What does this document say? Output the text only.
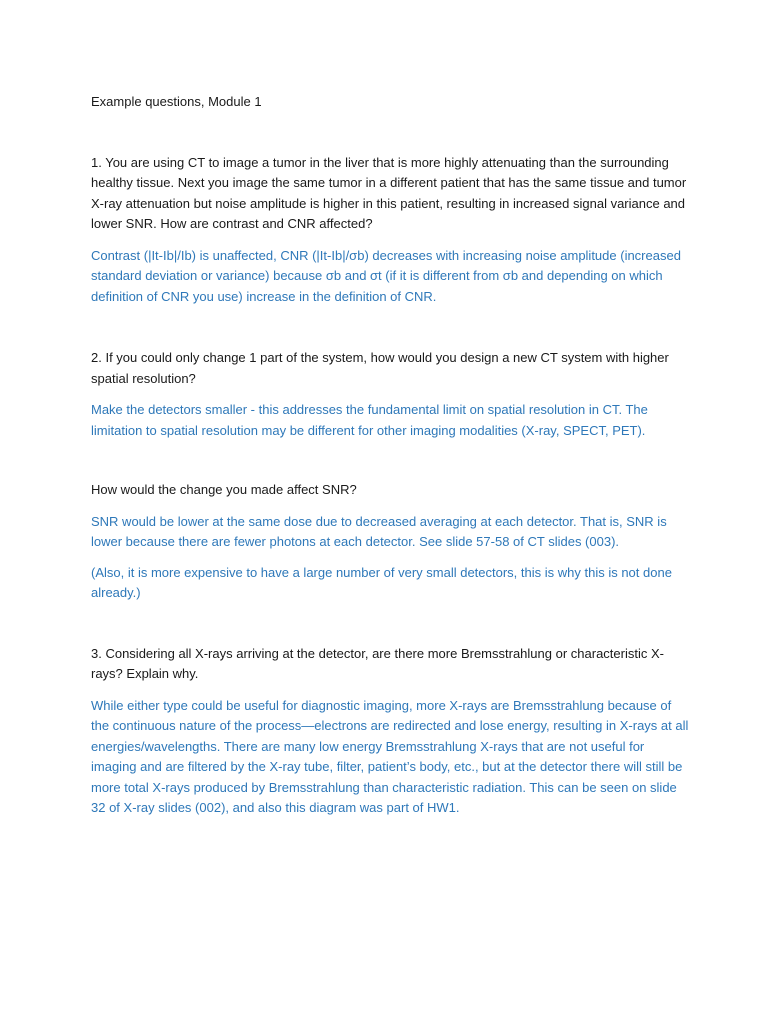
Example questions, Module 1

1. You are using CT to image a tumor in the liver that is more highly attenuating than the surrounding healthy tissue. Next you image the same tumor in a different patient that has the same tissue and tumor X-ray attenuation but noise amplitude is higher in this patient, resulting in increased signal variance and lower SNR. How are contrast and CNR affected?

Contrast (|It-Ib|/Ib) is unaffected, CNR (|It-Ib|/σb) decreases with increasing noise amplitude (increased standard deviation or variance) because σb and σt (if it is different from σb and depending on which definition of CNR you use) increase in the definition of CNR.

2. If you could only change 1 part of the system, how would you design a new CT system with higher spatial resolution?

Make the detectors smaller - this addresses the fundamental limit on spatial resolution in CT. The limitation to spatial resolution may be different for other imaging modalities (X-ray, SPECT, PET).

How would the change you made affect SNR?

SNR would be lower at the same dose due to decreased averaging at each detector. That is, SNR is lower because there are fewer photons at each detector. See slide 57-58 of CT slides (003).

(Also, it is more expensive to have a large number of very small detectors, this is why this is not done already.)

3. Considering all X-rays arriving at the detector, are there more Bremsstrahlung or characteristic X-rays? Explain why.

While either type could be useful for diagnostic imaging, more X-rays are Bremsstrahlung because of the continuous nature of the process—electrons are redirected and lose energy, resulting in X-rays at all energies/wavelengths. There are many low energy Bremsstrahlung X-rays that are not useful for imaging and are filtered by the X-ray tube, filter, patient’s body, etc., but at the detector there will still be more total X-rays produced by Bremsstrahlung than characteristic radiation. This can be seen on slide 32 of X-ray slides (002), and also this diagram was part of HW1.
